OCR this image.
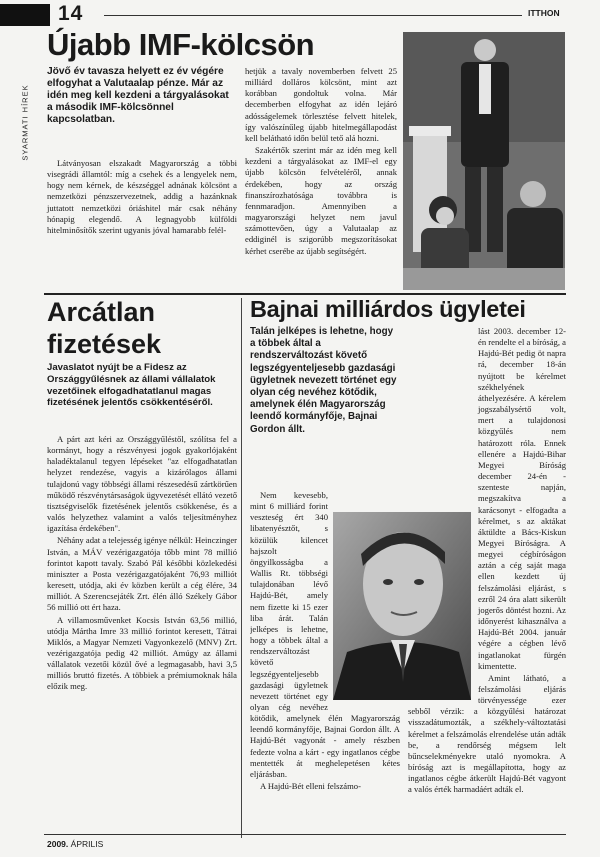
14	ITTHON
SYARMATI HÍREK
Újabb IMF-kölcsön
Jövő év tavasza helyett ez év végére elfogyhat a Valutaalap pénze. Már az idén meg kell kezdeni a tárgyalásokat a második IMF-kölcsönnel kapcsolatban.

Látványosan elszakadt Magyarország a többi visegrádi államtól: míg a csehek és a lengyelek nem, hogy nem kérnek, de készséggel adnának kölcsönt a nemzetközi pénzszervezetnek, addig a hazánknak juttatott nemzetközi óriáshitel már csak néhány hónapig elegendő. A legnagyobb külföldi hitelminősítők szerint ugyanis jóval hamarabb felél-

hetjük a tavaly novemberben felvett 25 milliárd dolláros kölcsönt, mint azt korábban gondoltuk volna. Már decemberben elfogyhat az idén lejáró adósságelemek törlesztése felvett hitelek, így valószínűleg újabb hitelmegállapodást kell belátható időn belül tető alá hozni.

Szakértők szerint már az idén meg kell kezdeni a tárgyalásokat az IMF-el egy újabb kölcsön felvételéről, annak érdekében, hogy az ország finanszírozhatósága továbbra is fennmaradjon. Amennyiben a magyarországi helyzet nem javul számottevően, úgy a Valutaalap az eddiginél is szigorúbb megszorításokat kérhet cserébe az újabb segítségért.

Arcátlan
fizetések
Javaslatot nyújt be a Fidesz az Országgyűlésnek az állami vállalatok vezetőinek elfogadhatatlanul magas fizetésének jelentős csökkentéséről.

A párt azt kéri az Országgyűléstől, szólítsa fel a kormányt, hogy a részvényesi jogok gyakorlójaként haladéktalanul tegyen lépéseket "az elfogadhatatlan helyzet rendezése, vagyis a kizárólagos állami tulajdonú vagy többségi állami részesedésű zártkörűen működő részvénytársaságok ügyvezetését ellátó vezető tisztségviselők fizetésének jelentős csökkenése, és a valós helyzethez valamint a valós teljesítményhez igazítása érdekében".

Néhány adat a telejesség igénye nélkül: Heinczinger István, a MÁV vezérigazgatója tőbb mint 78 millió forintot kapott tavaly. Szabó Pál későbbi közlekedési miniszter a Posta vezérigazgatójaként 76,93 milliót keresett, utódja, aki év közben került a cég élére, 34 milliót. A Szerencsejáték Zrt. élén álló Székely Gábor 56 millió ott ért haza.

A villamosművenket Kocsis István 63,56 millió, utódja Mártha Imre 33 millió forintot keresett, Tátrai Miklós, a Magyar Nemzeti Vagyonkezelő (MNV) Zrt. vezérigazgatója pedig 42 milliót. Amúgy az állami vállalatok vezetői közül ővé a legmagasabb, havi 3,5 milliós bruttó fizetés. A többiek a prémiumoknak hála előzik meg.

Bajnai milliárdos ügyletei
Talán jelképes is lehetne, hogy a többek által a rendszerváltozást követő legszégyenteljesebb gazdasági ügyletnek nevezett történet egy olyan cég nevéhez kötődik, amelynek élén Magyarország leendő kormányfője, Bajnai Gordon állt.

Nem kevesebb, mint 6 milliárd forint veszteség ért 340 libatenyésztőt, s közülük kilencet hajszolt öngyilkosságba a Wallis Rt. többségi tulajdonában lévő Hajdú-Bét, amely nem fizette ki 15 ezer liba árát. Talán jelképes is lehetne, hogy a többek által a rendszerváltozást követő legszégyenteljesebb gazdasági ügyletnek nevezett történet egy olyan cég nevéhez kötődik, amelynek élén Magyarország leendő kormányfője, Bajnai Gordon állt. A Hajdú-Bét vagyonát - amely részben fedezte volna a kárt - egy ingatlanos cégbe mentették át meghelepetésen kétes eljárásban.

A Hajdú-Bét elleni felszámo-

lást 2003. december 12-én rendelte el a bíróság, a Hajdú-Bét pedig öt napra rá, december 18-án nyújtott be kérelmet székhelyének áthelyezésére. A kérelem jogszabálysértő volt, mert a tulajdonosi közgyűlés nem határozott róla. Ennek ellenére a Hajdú-Bihar Megyei Bíróság december 24-én - szenteste napján, megszakítva a karácsonyt - elfogadta a kérelmet, s az aktákat áktüldte a Bács-Kiskun Megyei Bíróságra. A megyei cégbíróságon aztán a cég saját maga ellen kezdett új felszámolási eljárást, s ezről 24 óra alatt sikerült jogerős döntést hozni. Az időnyerést kihasználva a Hajdú-Bét 2004. január végére a cégben lévő ingatlanokat fürgén kimentette.

Amint látható, a felszámolási eljárás törvényessége ezer sebből vérzik: a közgyűlési határozat visszadátumozták, a székhely-változtatási kérelmet a felszámolás elrendelése után adták be, a rendőrség mégsem lelt bűncselekményekre utaló nyomokra. A bíróság azt is megállapította, hogy az ingatlanos cégbe átkerült Hajdú-Bét vagyont a valós érték harmadáért adták el.

2009. ÁPRILIS
